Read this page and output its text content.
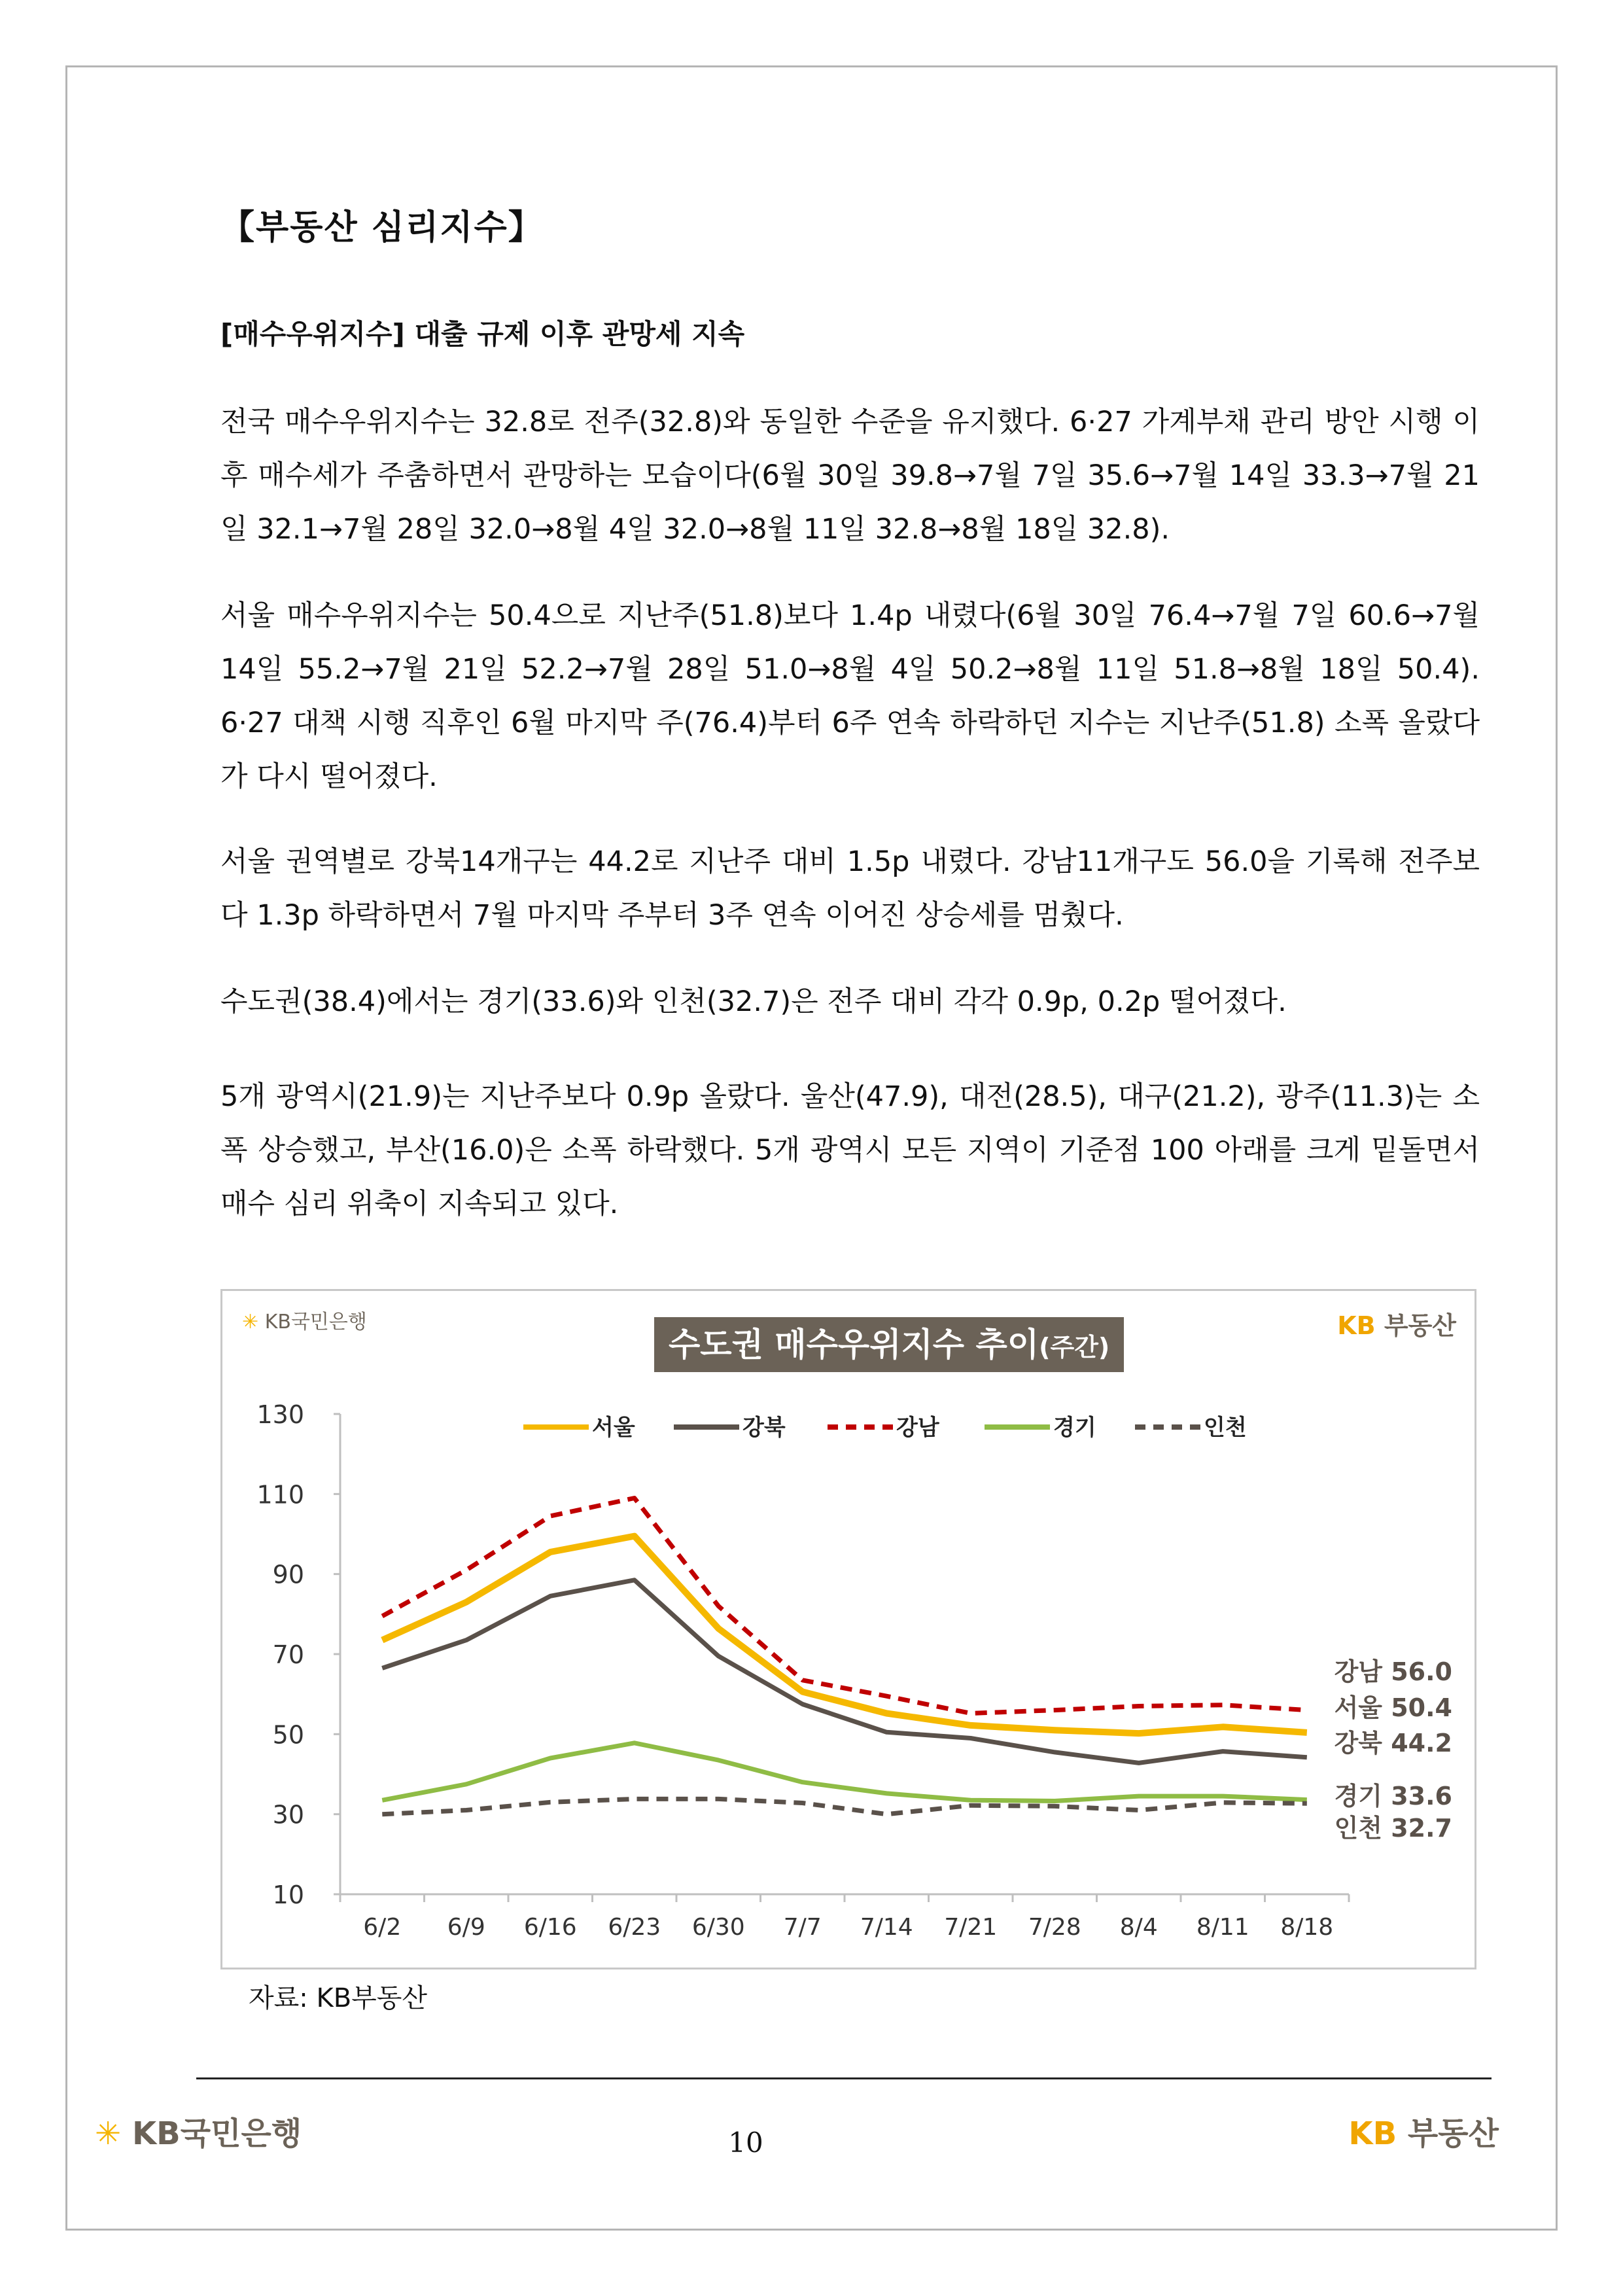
【부동산 심리지수】
[매수우위지수] 대출 규제 이후 관망세 지속

전국 매수우위지수는 32.8로 전주(32.8)와 동일한 수준을 유지했다. 6·27 가계부채 관리 방안 시행 이후 매수세가 주춤하면서 관망하는 모습이다(6월 30일 39.8→7월 7일 35.6→7월 14일 33.3→7월 21일 32.1→7월 28일 32.0→8월 4일 32.0→8월 11일 32.8→8월 18일 32.8).

서울 매수우위지수는 50.4으로 지난주(51.8)보다 1.4p 내렸다(6월 30일 76.4→7월 7일 60.6→7월 14일 55.2→7월 21일 52.2→7월 28일 51.0→8월 4일 50.2→8월 11일 51.8→8월 18일 50.4). 6·27 대책 시행 직후인 6월 마지막 주(76.4)부터 6주 연속 하락하던 지수는 지난주(51.8) 소폭 올랐다가 다시 떨어졌다.

서울 권역별로 강북14개구는 44.2로 지난주 대비 1.5p 내렸다. 강남11개구도 56.0을 기록해 전주보다 1.3p 하락하면서 7월 마지막 주부터 3주 연속 이어진 상승세를 멈췄다.

수도권(38.4)에서는 경기(33.6)와 인천(32.7)은 전주 대비 각각 0.9p, 0.2p 떨어졌다.

5개 광역시(21.9)는 지난주보다 0.9p 올랐다. 울산(47.9), 대전(28.5), 대구(21.2), 광주(11.3)는 소폭 상승했고, 부산(16.0)은 소폭 하락했다. 5개 광역시 모든 지역이 기준점 100 아래를 크게 밑돌면서 매수 심리 위축이 지속되고 있다.

✳ KB국민은행	KB 부동산
수도권 매수우위지수 추이(주간)
10
30
50
70
90
110
130
6/2 6/9 6/16 6/23 6/30 7/7 7/14 7/21 7/28 8/4 8/11 8/18
서울	강북	강남	경기	인천
강남 56.0
서울 50.4
강북 44.2
경기 33.6
인천 32.7
자료: KB부동산
✳ KB국민은행	10	KB 부동산
